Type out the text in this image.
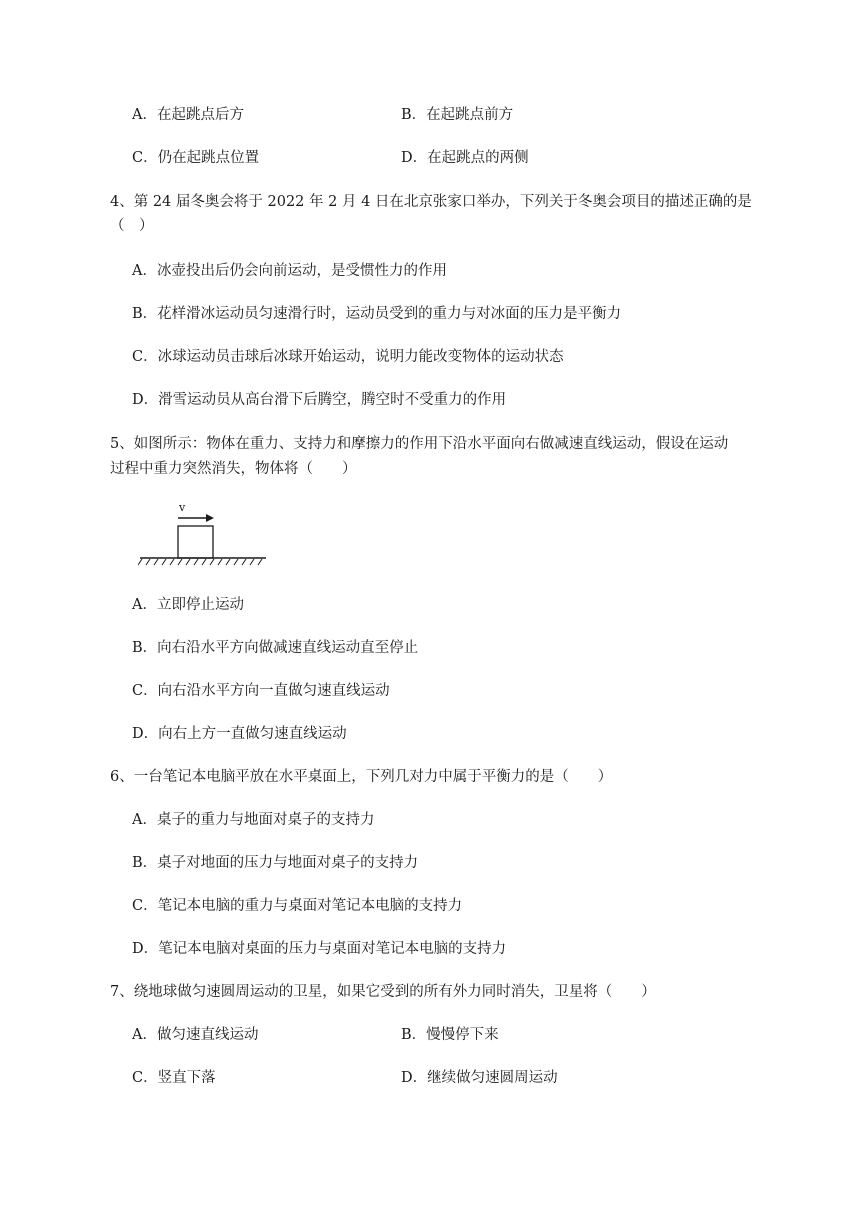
A．在起跳点后方	B．在起跳点前方
C．仍在起跳点位置	D．在起跳点的两侧
4、第 24 届冬奥会将于 2022 年 2 月 4 日在北京张家口举办，下列关于冬奥会项目的描述正确的是
（　）
A．冰壶投出后仍会向前运动，是受惯性力的作用
B．花样滑冰运动员匀速滑行时，运动员受到的重力与对冰面的压力是平衡力
C．冰球运动员击球后冰球开始运动，说明力能改变物体的运动状态
D．滑雪运动员从高台滑下后腾空，腾空时不受重力的作用
5、如图所示：物体在重力、支持力和摩擦力的作用下沿水平面向右做减速直线运动，假设在运动
过程中重力突然消失，物体将（　　）
v
A．立即停止运动
B．向右沿水平方向做减速直线运动直至停止
C．向右沿水平方向一直做匀速直线运动
D．向右上方一直做匀速直线运动
6、一台笔记本电脑平放在水平桌面上，下列几对力中属于平衡力的是（　　）
A．桌子的重力与地面对桌子的支持力
B．桌子对地面的压力与地面对桌子的支持力
C．笔记本电脑的重力与桌面对笔记本电脑的支持力
D．笔记本电脑对桌面的压力与桌面对笔记本电脑的支持力
7、绕地球做匀速圆周运动的卫星，如果它受到的所有外力同时消失，卫星将（　　）
A．做匀速直线运动	B．慢慢停下来
C．竖直下落	D．继续做匀速圆周运动
